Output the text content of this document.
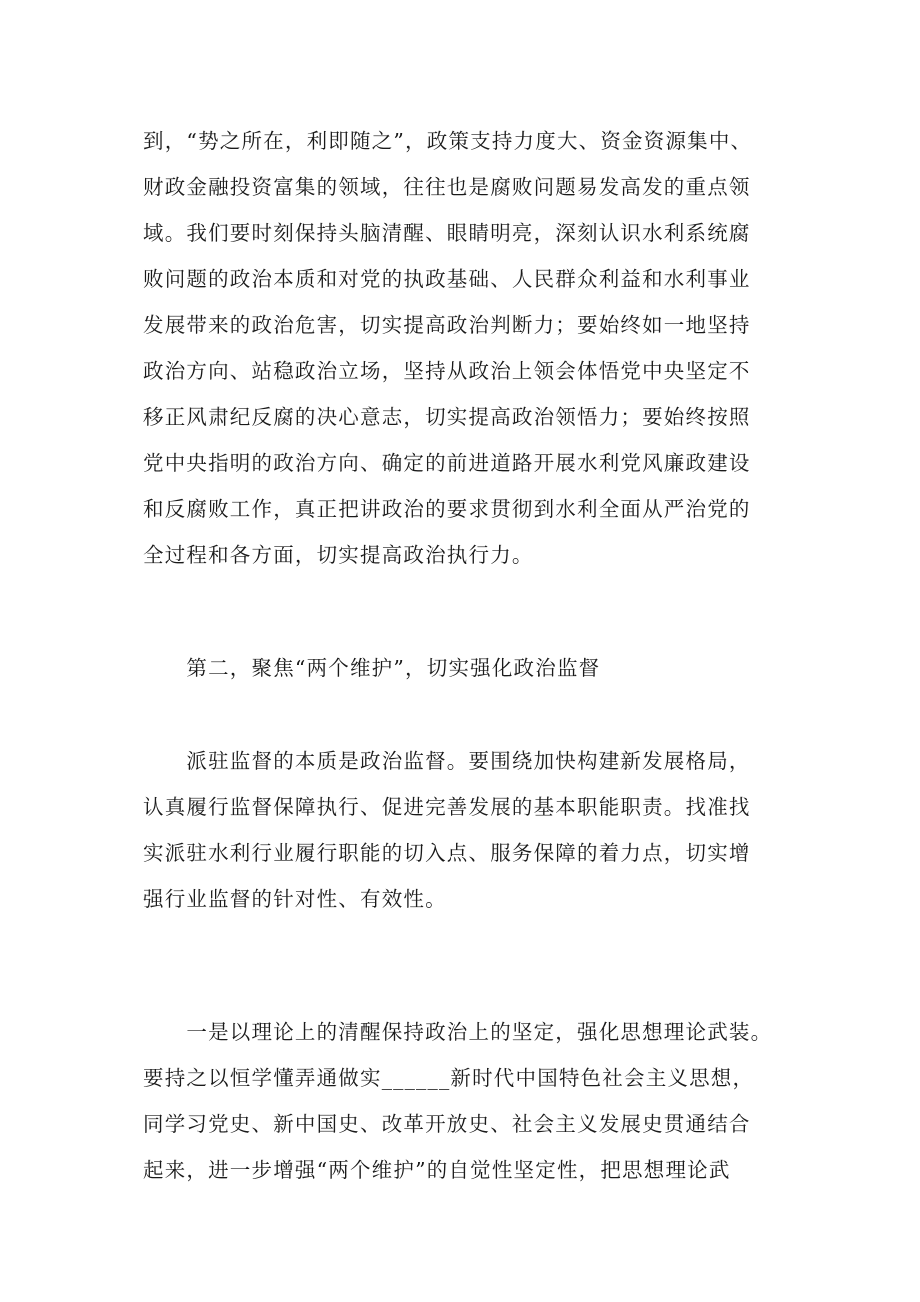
到，“势之所在，利即随之”，政策支持力度大、资金资源集中、
财政金融投资富集的领域，往往也是腐败问题易发高发的重点领
域。我们要时刻保持头脑清醒、眼睛明亮，深刻认识水利系统腐
败问题的政治本质和对党的执政基础、人民群众利益和水利事业
发展带来的政治危害，切实提高政治判断力；要始终如一地坚持
政治方向、站稳政治立场，坚持从政治上领会体悟党中央坚定不
移正风肃纪反腐的决心意志，切实提高政治领悟力；要始终按照
党中央指明的政治方向、确定的前进道路开展水利党风廉政建设
和反腐败工作，真正把讲政治的要求贯彻到水利全面从严治党的
全过程和各方面，切实提高政治执行力。
　　第二，聚焦“两个维护”，切实强化政治监督
　　派驻监督的本质是政治监督。要围绕加快构建新发展格局，
认真履行监督保障执行、促进完善发展的基本职能职责。找准找
实派驻水利行业履行职能的切入点、服务保障的着力点，切实增
强行业监督的针对性、有效性。
　　一是以理论上的清醒保持政治上的坚定，强化思想理论武装。
要持之以恒学懂弄通做实______新时代中国特色社会主义思想，
同学习党史、新中国史、改革开放史、社会主义发展史贯通结合
起来，进一步增强“两个维护”的自觉性坚定性，把思想理论武
